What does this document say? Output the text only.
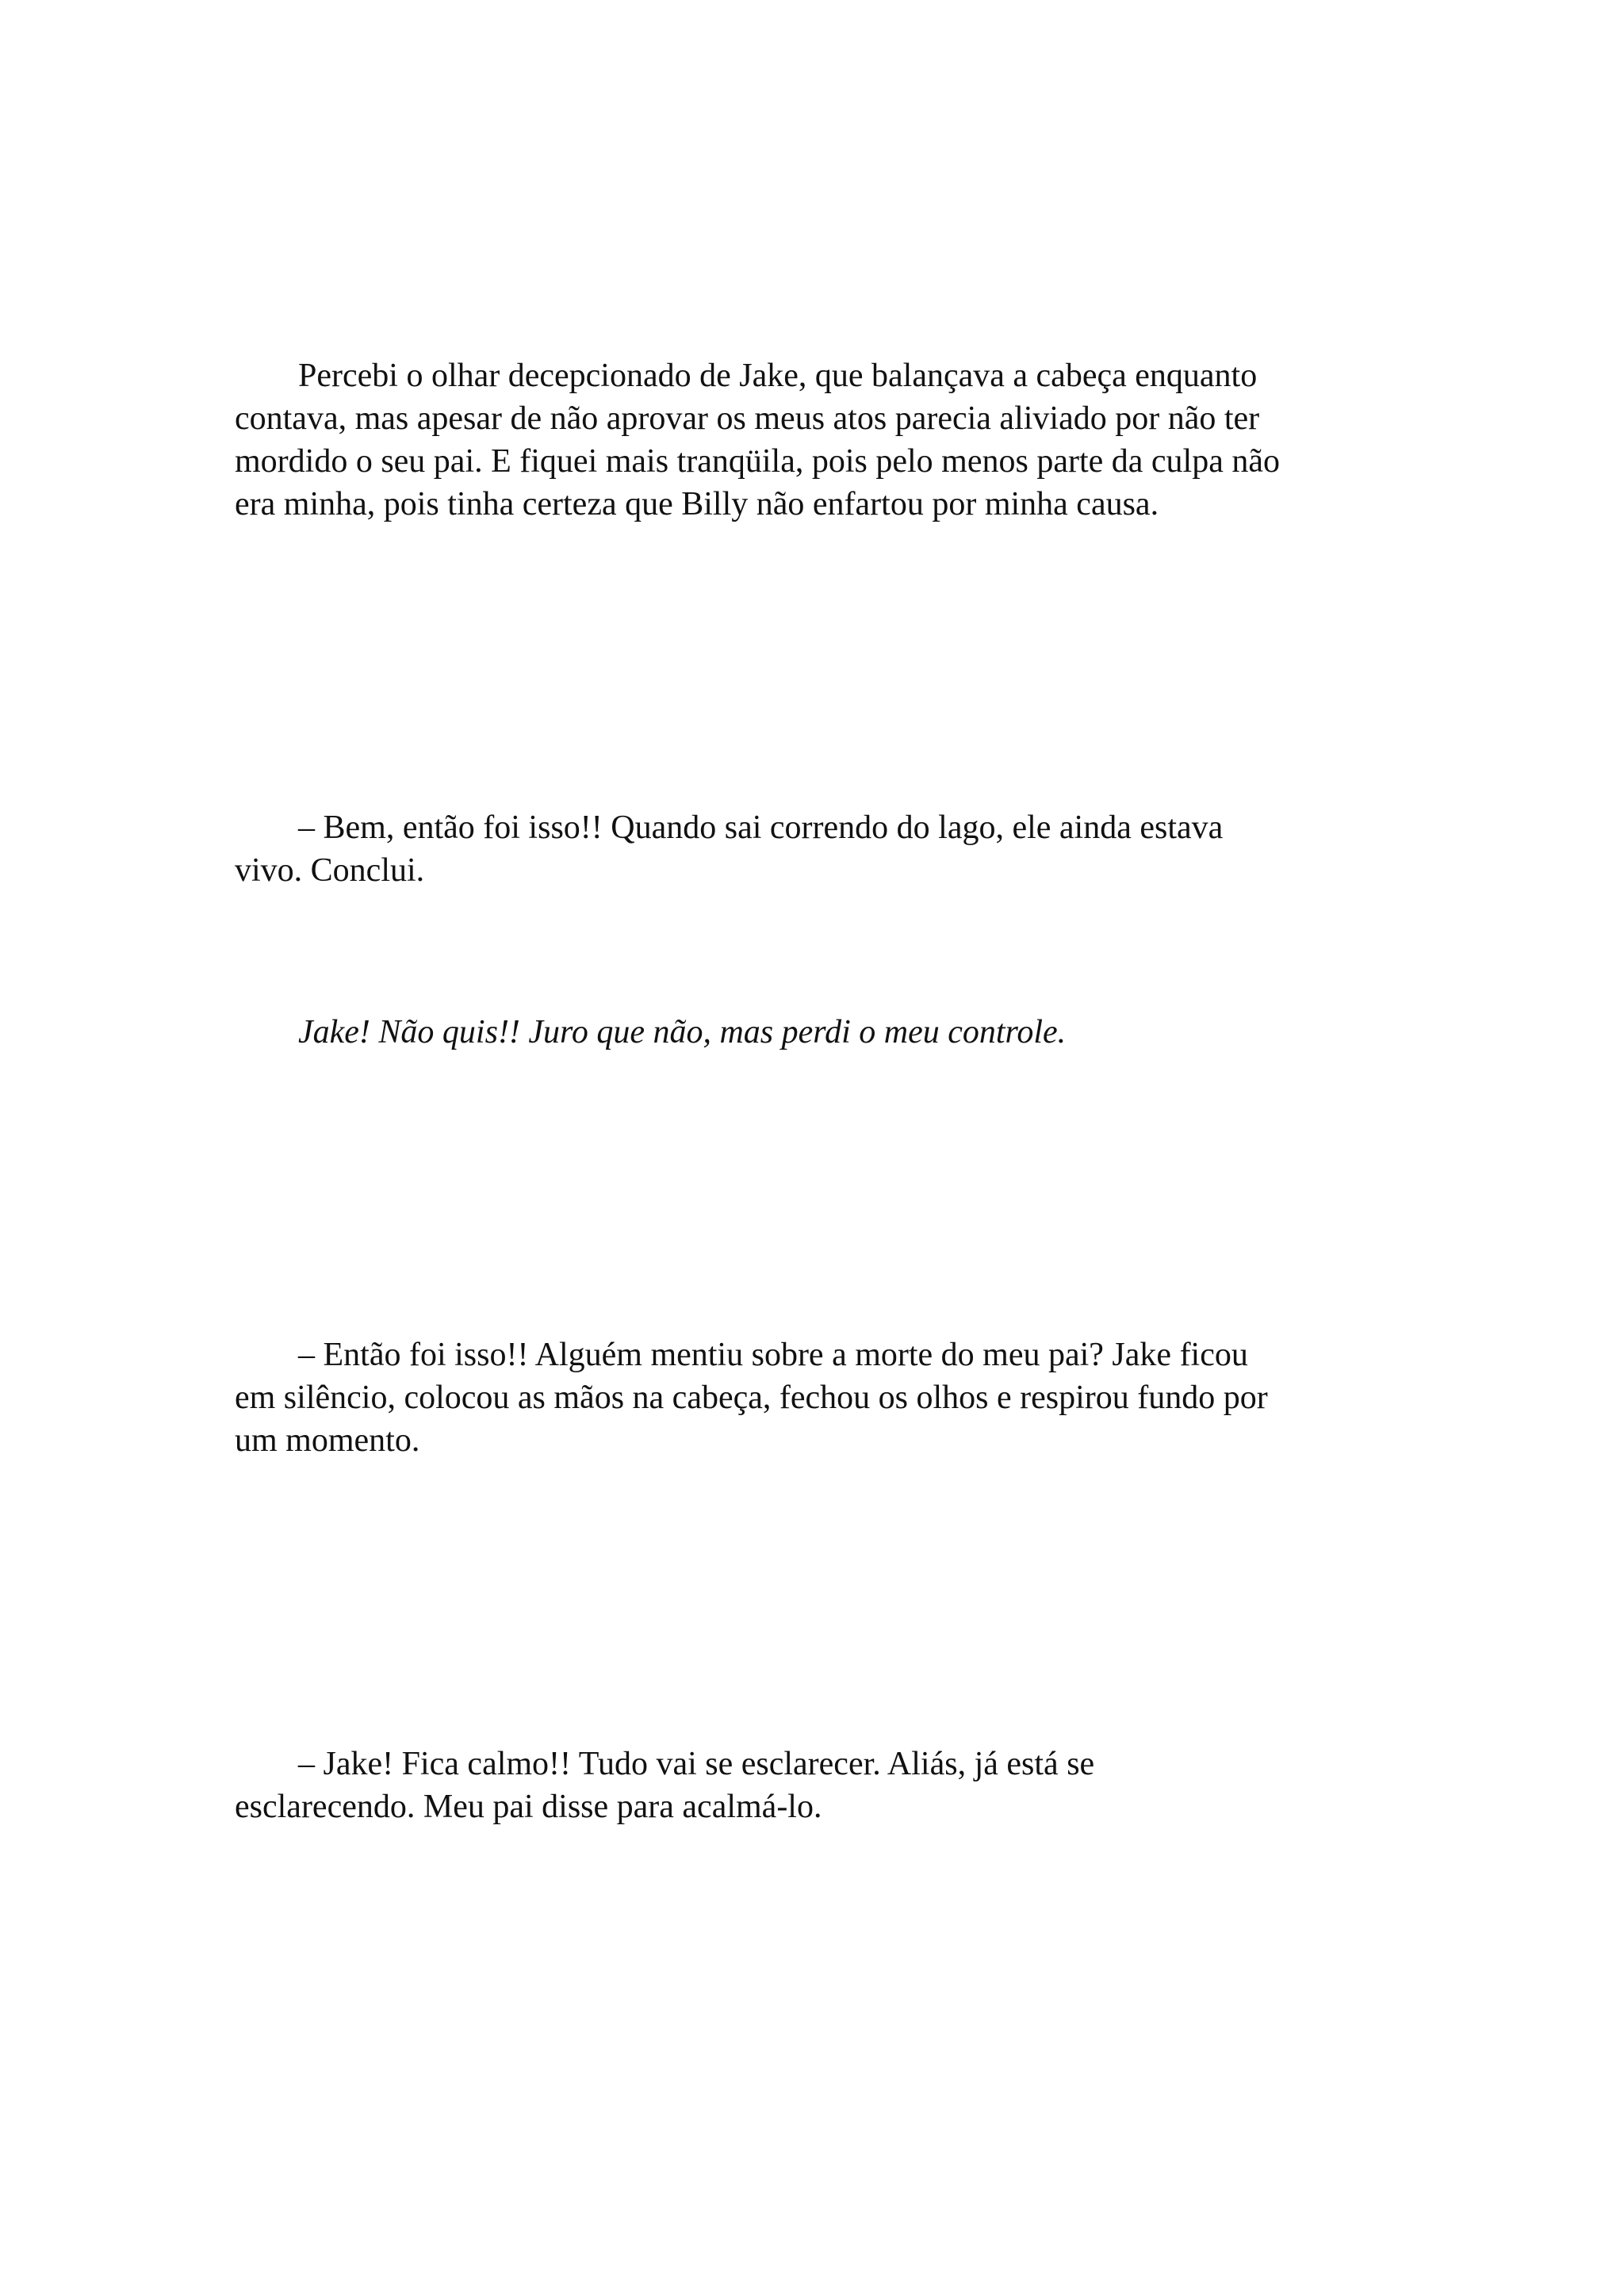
Percebi o olhar decepcionado de Jake, que balançava a cabeça enquanto
contava, mas apesar de não aprovar os meus atos parecia aliviado por não ter
mordido o seu pai. E fiquei mais tranqüila, pois pelo menos parte da culpa não
era minha, pois tinha certeza que Billy não enfartou por minha causa.

– Bem, então foi isso!! Quando sai correndo do lago, ele ainda estava
vivo. Conclui.

Jake! Não quis!! Juro que não, mas perdi o meu controle.

– Então foi isso!! Alguém mentiu sobre a morte do meu pai? Jake ficou
em silêncio, colocou as mãos na cabeça, fechou os olhos e respirou fundo por
um momento.

– Jake! Fica calmo!! Tudo vai se esclarecer. Aliás, já está se
esclarecendo. Meu pai disse para acalmá-lo.
